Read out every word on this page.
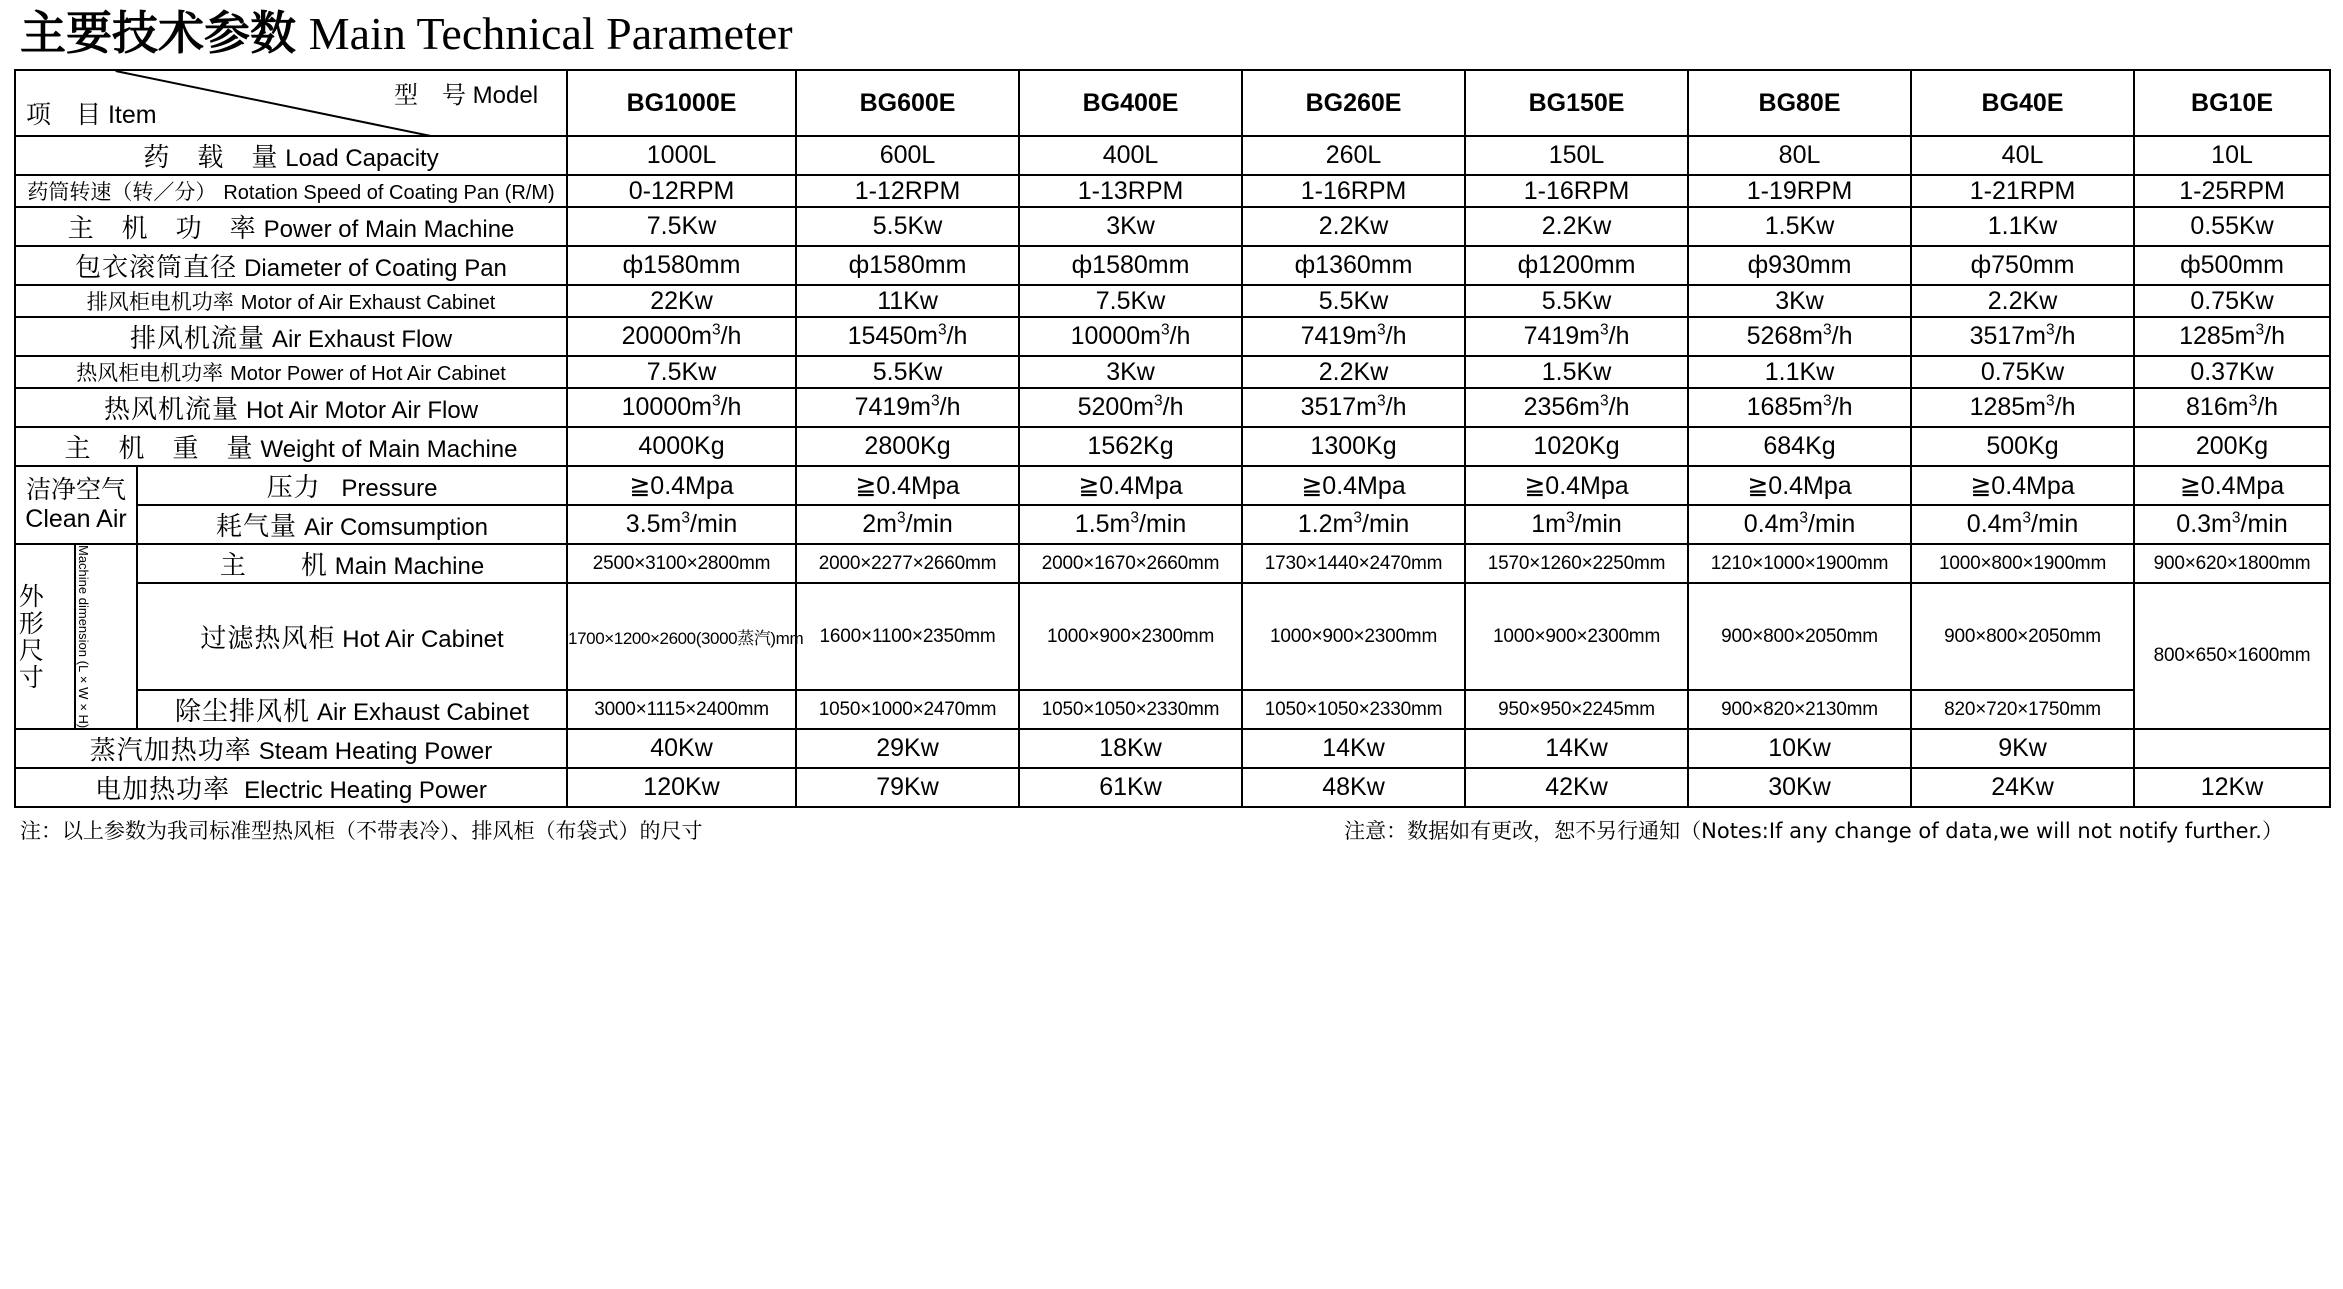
主要技术参数 Main Technical Parameter
型　号 Model
项　目 Item			BG1000E	BG600E	BG400E	BG260E	BG150E	BG80E	BG40E	BG10E
药　载　量 Load Capacity			1000L	600L	400L	260L	150L	80L	40L	10L
药筒转速（转／分） Rotation Speed of Coating Pan (R/M)			0-12RPM	1-12RPM	1-13RPM	1-16RPM	1-16RPM	1-19RPM	1-21RPM	1-25RPM
主　机　功　率 Power of Main Machine			7.5Kw	5.5Kw	3Kw	2.2Kw	2.2Kw	1.5Kw	1.1Kw	0.55Kw
包衣滚筒直径 Diameter of Coating Pan			ф1580mm	ф1580mm	ф1580mm	ф1360mm	ф1200mm	ф930mm	ф750mm	ф500mm
排风柜电机功率 Motor of Air Exhaust Cabinet			22Kw	11Kw	7.5Kw	5.5Kw	5.5Kw	3Kw	2.2Kw	0.75Kw
排风机流量 Air Exhaust Flow			$20000m^3/h$	$15450m^3/h$	$10000m^3/h$	$7419m^3/h$	$7419m^3/h$	$5268m^3/h$	$3517m^3/h$	$1285m^3/h$
热风柜电机功率 Motor Power of Hot Air Cabinet			7.5Kw	5.5Kw	3Kw	2.2Kw	1.5Kw	1.1Kw	0.75Kw	0.37Kw
热风机流量 Hot Air Motor Air Flow			$10000m^3/h$	$7419m^3/h$	$5200m^3/h$	$3517m^3/h$	$2356m^3/h$	$1685m^3/h$	$1285m^3/h$	$816m^3/h$
主　机　重　量 Weight of Main Machine			4000Kg	2800Kg	1562Kg	1300Kg	1020Kg	684Kg	500Kg	200Kg

洁净空气
Clean Air		压力 Pressure	≧0.4Mpa	≧0.4Mpa	≧0.4Mpa	≧0.4Mpa	≧0.4Mpa	≧0.4Mpa	≧0.4Mpa	≧0.4Mpa
		耗气量 Air Comsumption	$3.5m^3/\min$	$2m^3/\min$	$1.5m^3/\min$	$1.2m^3/\min$	$1m^3/\min$	$0.4m^3/\min$	$0.4m^3/\min$	$0.3m^3/\min$

外形尺寸	Machine dimension (L×W×H)	主　　机 Main Machine	2500×3100×2800mm	2000×2277×2660mm	2000×1670×2660mm	1730×1440×2470mm	1570×1260×2250mm	1210×1000×1900mm	1000×800×1900mm	900×620×1800mm
		过滤热风柜 Hot Air Cabinet	1700×1200×2600(3000蒸汽)mm	1600×1100×2350mm	1000×900×2300mm	1000×900×2300mm	1000×900×2300mm	900×800×2050mm	900×800×2050mm	800×650×1600mm
		除尘排风机 Air Exhaust Cabinet	3000×1115×2400mm	1050×1000×2470mm	1050×1050×2330mm	1050×1050×2330mm	950×950×2245mm	900×820×2130mm	820×720×1750mm	
蒸汽加热功率 Steam Heating Power			40Kw	29Kw	18Kw	14Kw	14Kw	10Kw	9Kw	
电加热功率 Electric Heating Power			120Kw	79Kw	61Kw	48Kw	42Kw	30Kw	24Kw	12Kw
注：以上参数为我司标准型热风柜（不带表冷）、排风柜（布袋式）的尺寸	注意：数据如有更改，恕不另行通知（Notes:If any change of data,we will not notify further.）
